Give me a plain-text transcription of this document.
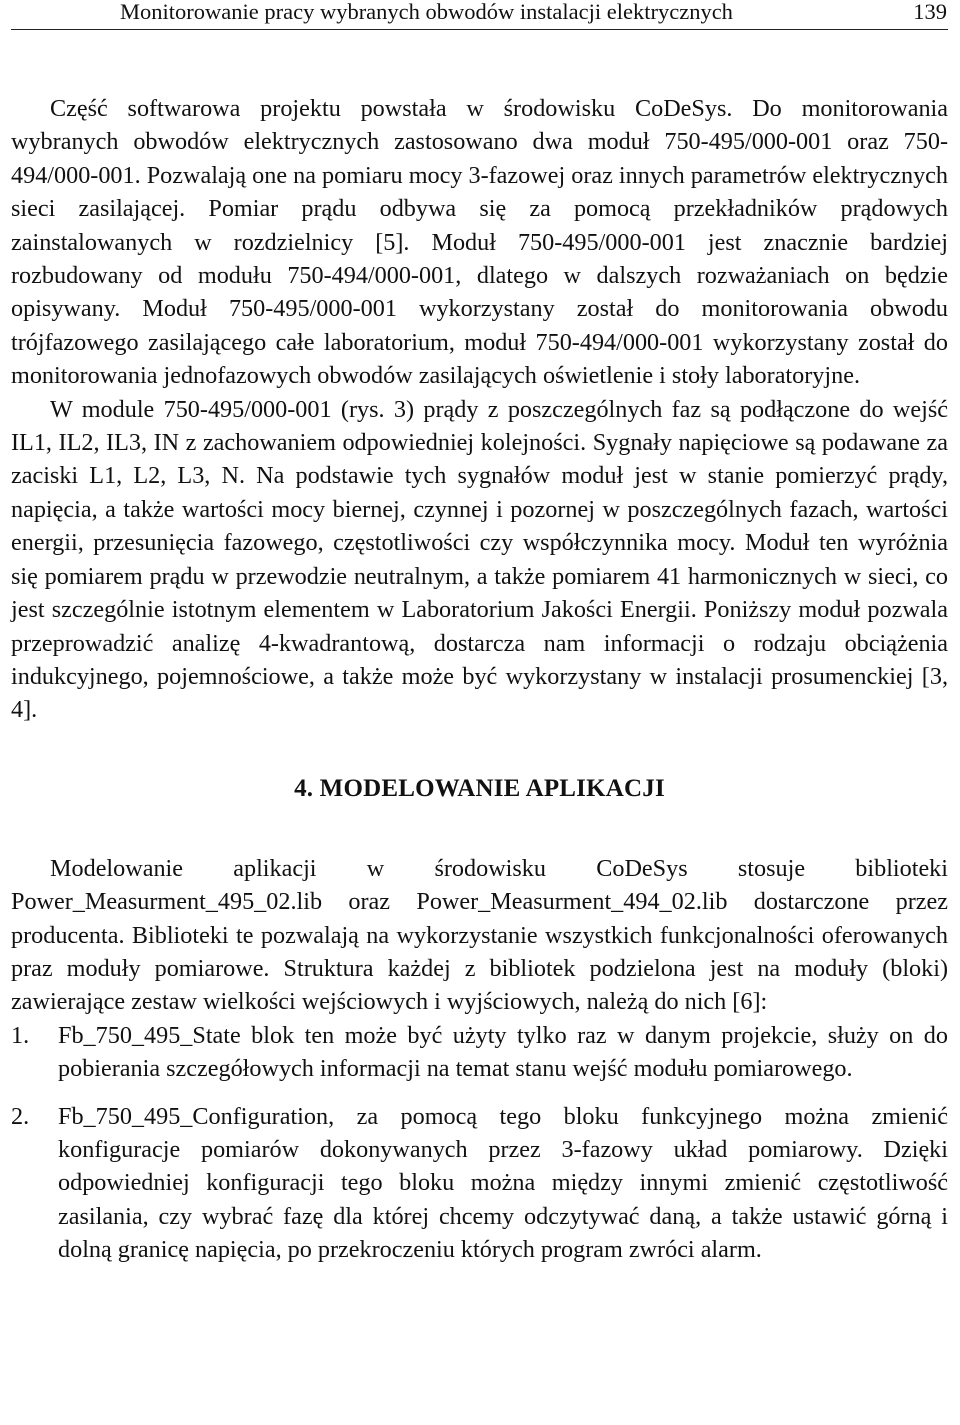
Monitorowanie pracy wybranych obwodów instalacji elektrycznych	139

Część softwarowa projektu powstała w środowisku CoDeSys. Do monitorowania wybranych obwodów elektrycznych zastosowano dwa moduł 750-495/000-001 oraz 750-494/000-001. Pozwalają one na pomiaru mocy 3-fazowej oraz innych parametrów elektrycznych sieci zasilającej. Pomiar prądu odbywa się za pomocą przekładników prądowych zainstalowanych w rozdzielnicy [5]. Moduł 750-495/000-001 jest znacznie bardziej rozbudowany od modułu 750-494/000-001, dlatego w dalszych rozważaniach on będzie opisywany. Moduł 750-495/000-001 wykorzystany został do monitorowania obwodu trójfazowego zasilającego całe laboratorium, moduł 750-494/000-001 wykorzystany został do monitorowania jednofazowych obwodów zasilających oświetlenie i stoły laboratoryjne.

W module 750-495/000-001 (rys. 3) prądy z poszczególnych faz są podłączone do wejść IL1, IL2, IL3, IN z zachowaniem odpowiedniej kolejności. Sygnały napięciowe są podawane za zaciski L1, L2, L3, N. Na podstawie tych sygnałów moduł jest w stanie pomierzyć prądy, napięcia, a także wartości mocy biernej, czynnej i pozornej w poszczególnych fazach, wartości energii, przesunięcia fazowego, częstotliwości czy współczynnika mocy. Moduł ten wyróżnia się pomiarem prądu w przewodzie neutralnym, a także pomiarem 41 harmonicznych w sieci, co jest szczególnie istotnym elementem w Laboratorium Jakości Energii. Poniższy moduł pozwala przeprowadzić analizę 4-kwadrantową, dostarcza nam informacji o rodzaju obciążenia indukcyjnego, pojemnościowe, a także może być wykorzystany w instalacji prosumenckiej [3, 4].

4. MODELOWANIE APLIKACJI

Modelowanie aplikacji w środowisku CoDeSys stosuje biblioteki Power_Measurment_495_02.lib oraz Power_Measurment_494_02.lib dostarczone przez producenta. Biblioteki te pozwalają na wykorzystanie wszystkich funkcjonalności oferowanych praz moduły pomiarowe. Struktura każdej z bibliotek podzielona jest na moduły (bloki) zawierające zestaw wielkości wejściowych i wyjściowych, należą do nich [6]:

1. Fb_750_495_State blok ten może być użyty tylko raz w danym projekcie, służy on do pobierania szczegółowych informacji na temat stanu wejść modułu pomiarowego.
2. Fb_750_495_Configuration, za pomocą tego bloku funkcyjnego można zmienić konfiguracje pomiarów dokonywanych przez 3-fazowy układ pomiarowy. Dzięki odpowiedniej konfiguracji tego bloku można między innymi zmienić częstotliwość zasilania, czy wybrać fazę dla której chcemy odczytywać daną, a także ustawić górną i dolną granicę napięcia, po przekroczeniu których program zwróci alarm.
